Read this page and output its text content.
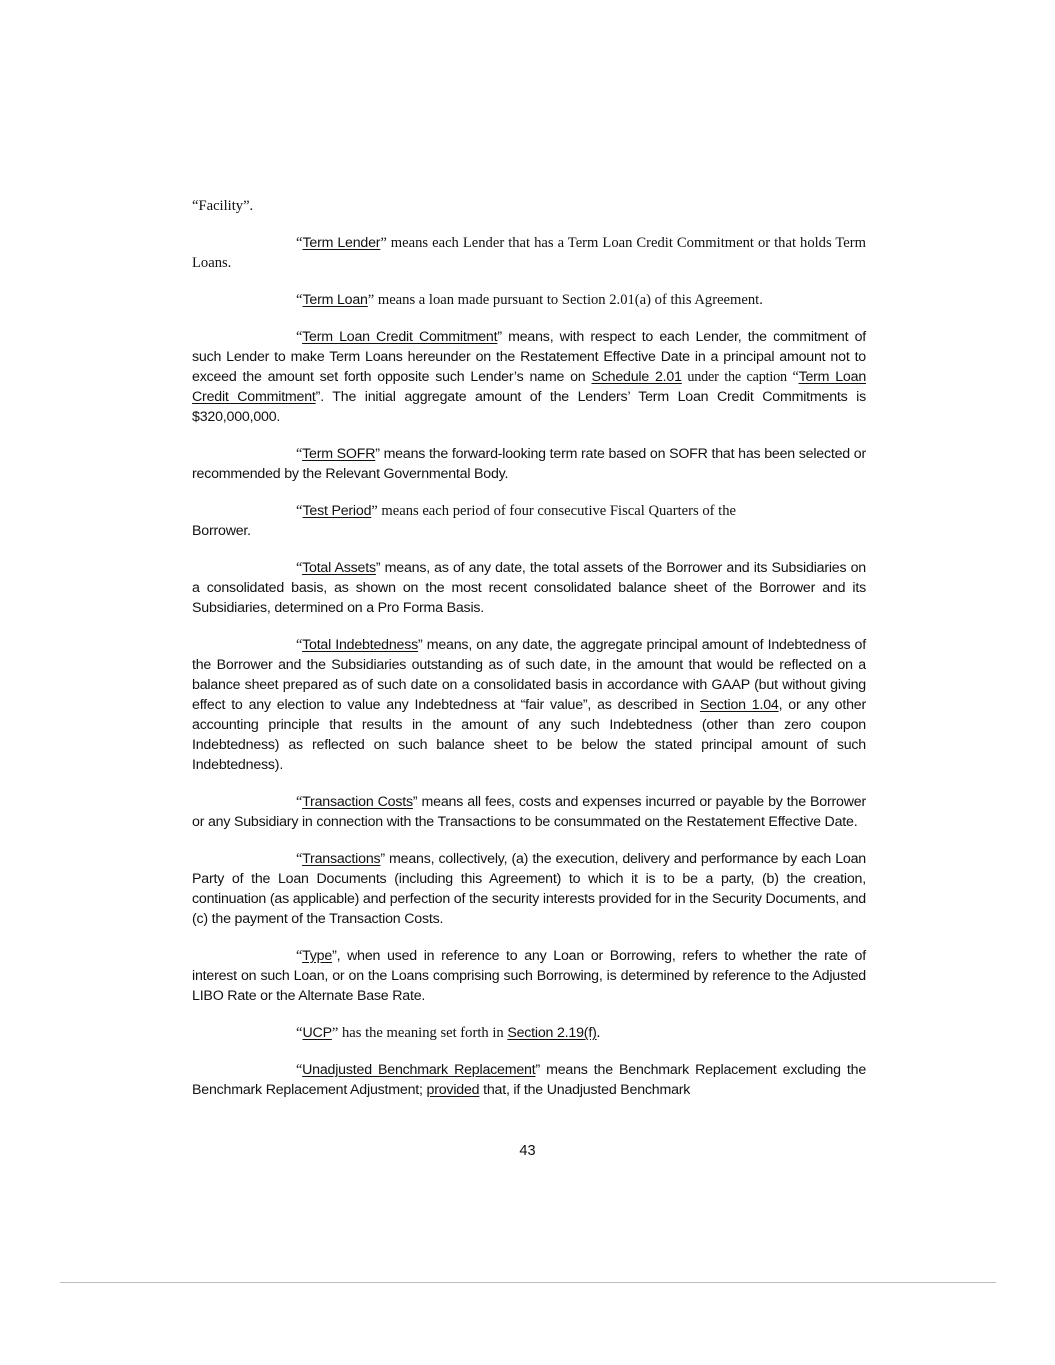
“Facility”.

“Term Lender” means each Lender that has a Term Loan Credit Commitment or that holds Term Loans.

“Term Loan” means a loan made pursuant to Section 2.01(a) of this Agreement.

“Term Loan Credit Commitment” means, with respect to each Lender, the commitment of such Lender to make Term Loans hereunder on the Restatement Effective Date in a principal amount not to exceed the amount set forth opposite such Lender’s name on Schedule 2.01 under the caption “Term Loan Credit Commitment”. The initial aggregate amount of the Lenders’ Term Loan Credit Commitments is $320,000,000.

“Term SOFR” means the forward-looking term rate based on SOFR that has been selected or recommended by the Relevant Governmental Body.

“Test Period” means each period of four consecutive Fiscal Quarters of the
Borrower.

“Total Assets” means, as of any date, the total assets of the Borrower and its Subsidiaries on a consolidated basis, as shown on the most recent consolidated balance sheet of the Borrower and its Subsidiaries, determined on a Pro Forma Basis.

“Total Indebtedness” means, on any date, the aggregate principal amount of Indebtedness of the Borrower and the Subsidiaries outstanding as of such date, in the amount that would be reflected on a balance sheet prepared as of such date on a consolidated basis in accordance with GAAP (but without giving effect to any election to value any Indebtedness at “fair value”, as described in Section 1.04, or any other accounting principle that results in the amount of any such Indebtedness (other than zero coupon Indebtedness) as reflected on such balance sheet to be below the stated principal amount of such Indebtedness).

“Transaction Costs” means all fees, costs and expenses incurred or payable by the Borrower or any Subsidiary in connection with the Transactions to be consummated on the Restatement Effective Date.

“Transactions” means, collectively, (a) the execution, delivery and performance by each Loan Party of the Loan Documents (including this Agreement) to which it is to be a party, (b) the creation, continuation (as applicable) and perfection of the security interests provided for in the Security Documents, and (c) the payment of the Transaction Costs.

“Type”, when used in reference to any Loan or Borrowing, refers to whether the rate of interest on such Loan, or on the Loans comprising such Borrowing, is determined by reference to the Adjusted LIBO Rate or the Alternate Base Rate.

“UCP” has the meaning set forth in Section 2.19(f).

“Unadjusted Benchmark Replacement” means the Benchmark Replacement excluding the Benchmark Replacement Adjustment; provided that, if the Unadjusted Benchmark

43
